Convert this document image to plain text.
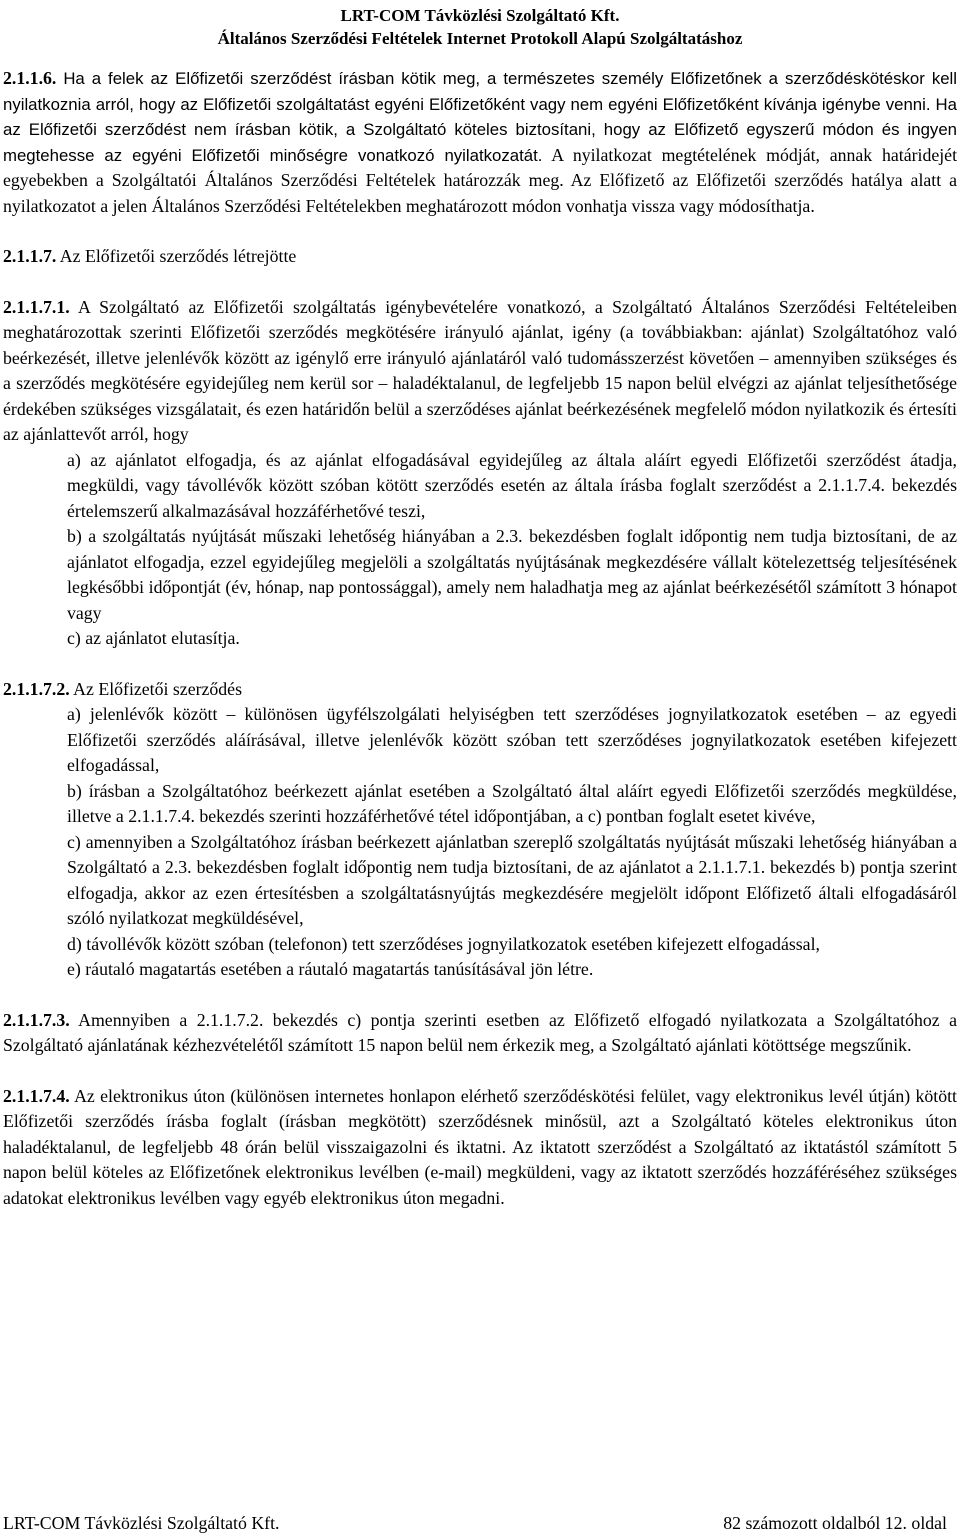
LRT-COM Távközlési Szolgáltató Kft.
Általános Szerződési Feltételek Internet Protokoll Alapú Szolgáltatáshoz

2.1.1.6. Ha a felek az Előfizetői szerződést írásban kötik meg, a természetes személy Előfizetőnek a szerződéskötéskor kell nyilatkoznia arról, hogy az Előfizetői szolgáltatást egyéni Előfizetőként vagy nem egyéni Előfizetőként kívánja igénybe venni. Ha az Előfizetői szerződést nem írásban kötik, a Szolgáltató köteles biztosítani, hogy az Előfizető egyszerű módon és ingyen megtehesse az egyéni Előfizetői minőségre vonatkozó nyilatkozatát. A nyilatkozat megtételének módját, annak határidejét egyebekben a Szolgáltatói Általános Szerződési Feltételek határozzák meg. Az Előfizető az Előfizetői szerződés hatálya alatt a nyilatkozatot a jelen Általános Szerződési Feltételekben meghatározott módon vonhatja vissza vagy módosíthatja.

2.1.1.7. Az Előfizetői szerződés létrejötte

2.1.1.7.1. A Szolgáltató az Előfizetői szolgáltatás igénybevételére vonatkozó, a Szolgáltató Általános Szerződési Feltételeiben meghatározottak szerinti Előfizetői szerződés megkötésére irányuló ajánlat, igény (a továbbiakban: ajánlat) Szolgáltatóhoz való beérkezését, illetve jelenlévők között az igénylő erre irányuló ajánlatáról való tudomásszerzést követően – amennyiben szükséges és a szerződés megkötésére egyidejűleg nem kerül sor – haladéktalanul, de legfeljebb 15 napon belül elvégzi az ajánlat teljesíthetősége érdekében szükséges vizsgálatait, és ezen határidőn belül a szerződéses ajánlat beérkezésének megfelelő módon nyilatkozik és értesíti az ajánlattevőt arról, hogy

a) az ajánlatot elfogadja, és az ajánlat elfogadásával egyidejűleg az általa aláírt egyedi Előfizetői szerződést átadja, megküldi, vagy távollévők között szóban kötött szerződés esetén az általa írásba foglalt szerződést a 2.1.1.7.4. bekezdés értelemszerű alkalmazásával hozzáférhetővé teszi,

b) a szolgáltatás nyújtását műszaki lehetőség hiányában a 2.3. bekezdésben foglalt időpontig nem tudja biztosítani, de az ajánlatot elfogadja, ezzel egyidejűleg megjelöli a szolgáltatás nyújtásának megkezdésére vállalt kötelezettség teljesítésének legkésőbbi időpontját (év, hónap, nap pontossággal), amely nem haladhatja meg az ajánlat beérkezésétől számított 3 hónapot vagy

c) az ajánlatot elutasítja.

2.1.1.7.2. Az Előfizetői szerződés

a) jelenlévők között – különösen ügyfélszolgálati helyiségben tett szerződéses jognyilatkozatok esetében – az egyedi Előfizetői szerződés aláírásával, illetve jelenlévők között szóban tett szerződéses jognyilatkozatok esetében kifejezett elfogadással,

b) írásban a Szolgáltatóhoz beérkezett ajánlat esetében a Szolgáltató által aláírt egyedi Előfizetői szerződés megküldése, illetve a 2.1.1.7.4. bekezdés szerinti hozzáférhetővé tétel időpontjában, a c) pontban foglalt esetet kivéve,

c) amennyiben a Szolgáltatóhoz írásban beérkezett ajánlatban szereplő szolgáltatás nyújtását műszaki lehetőség hiányában a Szolgáltató a 2.3. bekezdésben foglalt időpontig nem tudja biztosítani, de az ajánlatot a 2.1.1.7.1. bekezdés b) pontja szerint elfogadja, akkor az ezen értesítésben a szolgáltatásnyújtás megkezdésére megjelölt időpont Előfizető általi elfogadásáról szóló nyilatkozat megküldésével,

d) távollévők között szóban (telefonon) tett szerződéses jognyilatkozatok esetében kifejezett elfogadással,

e) ráutaló magatartás esetében a ráutaló magatartás tanúsításával jön létre.

2.1.1.7.3. Amennyiben a 2.1.1.7.2. bekezdés c) pontja szerinti esetben az Előfizető elfogadó nyilatkozata a Szolgáltatóhoz a Szolgáltató ajánlatának kézhezvételétől számított 15 napon belül nem érkezik meg, a Szolgáltató ajánlati kötöttsége megszűnik.

2.1.1.7.4. Az elektronikus úton (különösen internetes honlapon elérhető szerződéskötési felület, vagy elektronikus levél útján) kötött Előfizetői szerződés írásba foglalt (írásban megkötött) szerződésnek minősül, azt a Szolgáltató köteles elektronikus úton haladéktalanul, de legfeljebb 48 órán belül visszaigazolni és iktatni. Az iktatott szerződést a Szolgáltató az iktatástól számított 5 napon belül köteles az Előfizetőnek elektronikus levélben (e-mail) megküldeni, vagy az iktatott szerződés hozzáféréséhez szükséges adatokat elektronikus levélben vagy egyéb elektronikus úton megadni.

LRT-COM Távközlési Szolgáltató Kft.	82 számozott oldalból 12. oldal
